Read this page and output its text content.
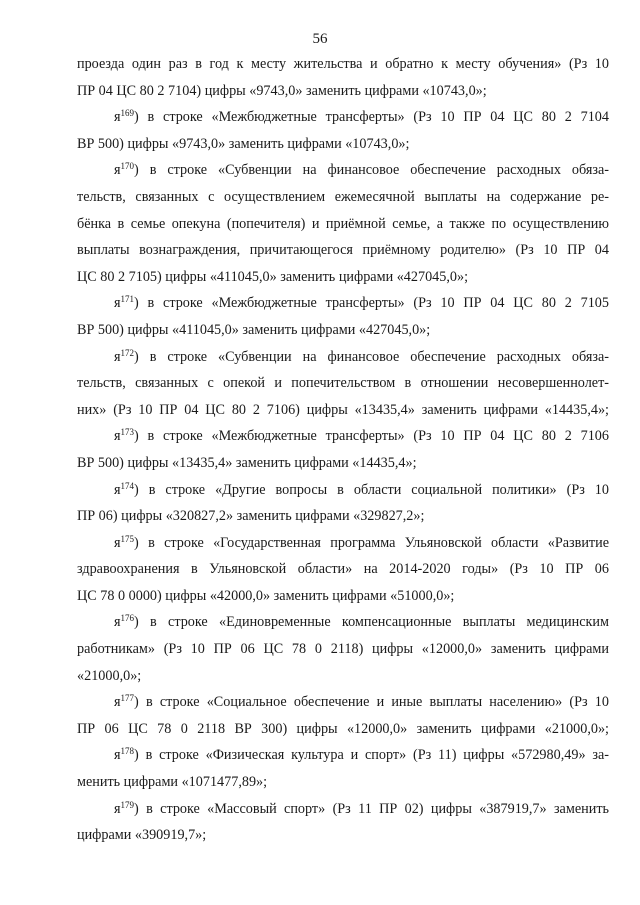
56
проезда один раз в год к месту жительства и обратно к месту обучения» (Рз 10
ПР 04 ЦС 80 2 7104) цифры «9743,0» заменить цифрами «10743,0»;
$я^{169}$) в строке «Межбюджетные трансферты» (Рз 10 ПР 04 ЦС 80 2 7104
ВР 500) цифры «9743,0» заменить цифрами «10743,0»;
$я^{170}$) в строке «Субвенции на финансовое обеспечение расходных обяза-
тельств, связанных с осуществлением ежемесячной выплаты на содержание ре-
бёнка в семье опекуна (попечителя) и приёмной семье, а также по осуществлению
выплаты вознаграждения, причитающегося приёмному родителю» (Рз 10 ПР 04
ЦС 80 2 7105) цифры «411045,0» заменить цифрами «427045,0»;
$я^{171}$) в строке «Межбюджетные трансферты» (Рз 10 ПР 04 ЦС 80 2 7105
ВР 500) цифры «411045,0» заменить цифрами «427045,0»;
$я^{172}$) в строке «Субвенции на финансовое обеспечение расходных обяза-
тельств, связанных с опекой и попечительством в отношении несовершеннолет-
них» (Рз 10 ПР 04 ЦС 80 2 7106) цифры «13435,4» заменить цифрами «14435,4»;
$я^{173}$) в строке «Межбюджетные трансферты» (Рз 10 ПР 04 ЦС 80 2 7106
ВР 500) цифры «13435,4» заменить цифрами «14435,4»;
$я^{174}$) в строке «Другие вопросы в области социальной политики» (Рз 10
ПР 06) цифры «320827,2» заменить цифрами «329827,2»;
$я^{175}$) в строке «Государственная программа Ульяновской области «Развитие
здравоохранения в Ульяновской области» на 2014-2020 годы» (Рз 10 ПР 06
ЦС 78 0 0000) цифры «42000,0» заменить цифрами «51000,0»;
$я^{176}$) в строке «Единовременные компенсационные выплаты медицинским
работникам» (Рз 10 ПР 06 ЦС 78 0 2118) цифры «12000,0» заменить цифрами
«21000,0»;
$я^{177}$) в строке «Социальное обеспечение и иные выплаты населению» (Рз 10
ПР 06 ЦС 78 0 2118 ВР 300) цифры «12000,0» заменить цифрами «21000,0»;
$я^{178}$) в строке «Физическая культура и спорт» (Рз 11) цифры «572980,49» за-
менить цифрами «1071477,89»;
$я^{179}$) в строке «Массовый спорт» (Рз 11 ПР 02) цифры «387919,7» заменить
цифрами «390919,7»;
